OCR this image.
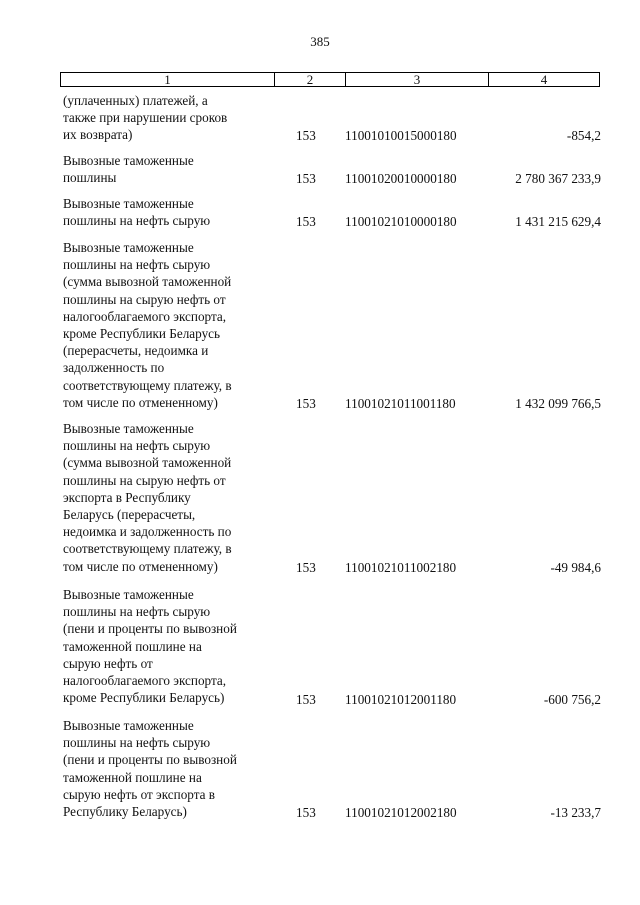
385
1	2	3	4
(уплаченных) платежей, а
также при нарушении сроков
их возврата)	153 11001010015000180	-854,2
Вывозные таможенные
пошлины	153 11001020010000180	2 780 367 233,9
Вывозные таможенные
пошлины на нефть сырую	153 11001021010000180	1 431 215 629,4
Вывозные таможенные
пошлины на нефть сырую
(сумма вывозной таможенной
пошлины на сырую нефть от
налогооблагаемого экспорта,
кроме Республики Беларусь
(перерасчеты, недоимка и
задолженность по
соответствующему платежу, в
том числе по отмененному)	153 11001021011001180	1 432 099 766,5
Вывозные таможенные
пошлины на нефть сырую
(сумма вывозной таможенной
пошлины на сырую нефть от
экспорта в Республику
Беларусь (перерасчеты,
недоимка и задолженность по
соответствующему платежу, в
том числе по отмененному)	153 11001021011002180	-49 984,6
Вывозные таможенные
пошлины на нефть сырую
(пени и проценты по вывозной
таможенной пошлине на
сырую нефть от
налогооблагаемого экспорта,
кроме Республики Беларусь)	153 11001021012001180	-600 756,2
Вывозные таможенные
пошлины на нефть сырую
(пени и проценты по вывозной
таможенной пошлине на
сырую нефть от экспорта в
Республику Беларусь)	153 11001021012002180	-13 233,7
